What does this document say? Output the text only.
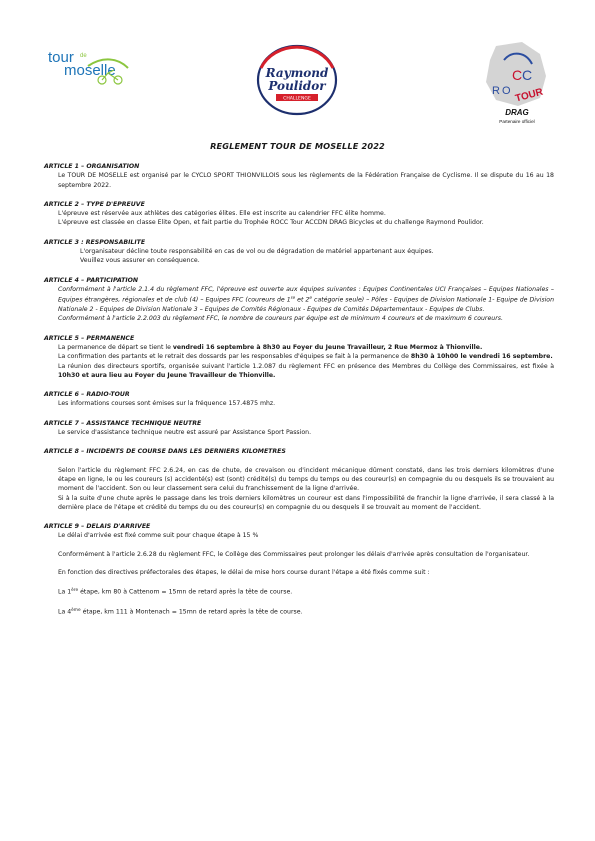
tour de
moselle	Raymond
Poulidor
CHALLENGE
R O
C C
TOUR
DRAG
Partenaire officiel
REGLEMENT TOUR DE MOSELLE 2022
ARTICLE 1 – ORGANISATION
Le TOUR DE MOSELLE est organisé par le CYCLO SPORT THIONVILLOIS sous les règlements de la Fédération Française de Cyclisme. Il se dispute du 16 au 18 septembre 2022.
ARTICLE 2 – TYPE D'EPREUVE
L'épreuve est réservée aux athlètes des catégories élites. Elle est inscrite au calendrier FFC élite homme.
L'épreuve est classée en classe Elite Open, et fait partie du Trophée ROCC Tour ACCDN DRAG Bicycles et du challenge Raymond Poulidor.
ARTICLE 3 : RESPONSABILITE
L'organisateur décline toute responsabilité en cas de vol ou de dégradation de matériel appartenant aux équipes.
Veuillez vous assurer en conséquence.
ARTICLE 4 – PARTICIPATION
Conformément à l'article 2.1.4 du règlement FFC, l'épreuve est ouverte aux équipes suivantes : Equipes Continentales UCI Françaises – Equipes Nationales – Equipes étrangères, régionales et de club (4) – Equipes FFC (coureurs de 1re et 2e catégorie seule) – Pôles - Equipes de Division Nationale 1- Equipe de Division Nationale 2 - Equipes de Division Nationale 3 – Equipes de Comités Régionaux - Equipes de Comités Départementaux - Equipes de Clubs.
Conformément à l'article 2.2.003 du règlement FFC, le nombre de coureurs par équipe est de minimum 4 coureurs et de maximum 6 coureurs.
ARTICLE 5 – PERMANENCE
La permanence de départ se tient le vendredi 16 septembre à 8h30 au Foyer du Jeune Travailleur, 2 Rue Mermoz à Thionville.
La confirmation des partants et le retrait des dossards par les responsables d'équipes se fait à la permanence de 8h30 à 10h00 le vendredi 16 septembre.
La réunion des directeurs sportifs, organisée suivant l'article 1.2.087 du règlement FFC en présence des Membres du Collège des Commissaires, est fixée à 10h30 et aura lieu au Foyer du Jeune Travailleur de Thionville.
ARTICLE 6 – RADIO-TOUR
Les informations courses sont émises sur la fréquence 157.4875 mhz.
ARTICLE 7 – ASSISTANCE TECHNIQUE NEUTRE
Le service d'assistance technique neutre est assuré par Assistance Sport Passion.
ARTICLE 8 – INCIDENTS DE COURSE DANS LES DERNIERS KILOMETRES
Selon l'article du règlement FFC 2.6.24, en cas de chute, de crevaison ou d'incident mécanique dûment constaté, dans les trois derniers kilomètres d'une étape en ligne, le ou les coureurs (s) accidenté(s) est (sont) crédité(s) du temps du temps ou des coureur(s) en compagnie du ou desquels ils se trouvaient au moment de l'accident. Son ou leur classement sera celui du franchissement de la ligne d'arrivée.
Si à la suite d'une chute après le passage dans les trois derniers kilomètres un coureur est dans l'impossibilité de franchir la ligne d'arrivée, il sera classé à la dernière place de l'étape et crédité du temps du ou des coureur(s) en compagnie du ou desquels il se trouvait au moment de l'accident.
ARTICLE 9 – DELAIS D'ARRIVEE
Le délai d'arrivée est fixé comme suit pour chaque étape à 15 %
Conformément à l'article 2.6.28 du règlement FFC, le Collège des Commissaires peut prolonger les délais d'arrivée après consultation de l'organisateur.
En fonction des directives préfectorales des étapes, le délai de mise hors course durant l'étape a été fixés comme suit :
La 1ère étape, km 80 à Cattenom = 15mn de retard après la tête de course.
La 4ème étape, km 111 à Montenach = 15mn de retard après la tête de course.
